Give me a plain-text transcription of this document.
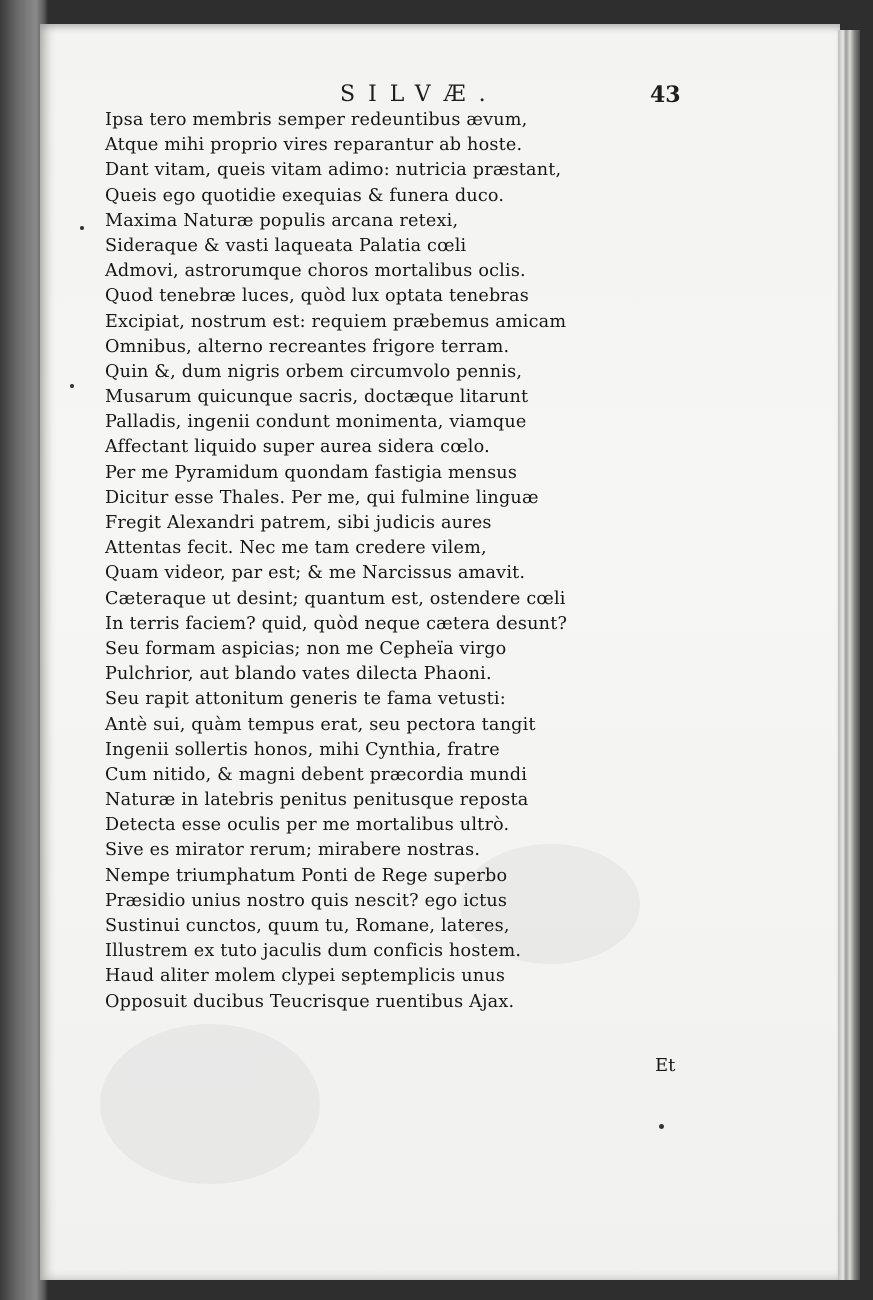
SILVÆ.	43
Ipsa tero membris semper redeuntibus ævum,
Atque mihi proprio vires reparantur ab hoste.
Dant vitam, queis vitam adimo: nutricia præstant,
Queis ego quotidie exequias & funera duco.
Maxima Naturæ populis arcana retexi,
Sideraque & vasti laqueata Palatia cœli
Admovi, astrorumque choros mortalibus oclis.
Quod tenebræ luces, quòd lux optata tenebras
Excipiat, nostrum est: requiem præbemus amicam
Omnibus, alterno recreantes frigore terram.
Quin &, dum nigris orbem circumvolo pennis,
Musarum quicunque sacris, doctæque litarunt
Palladis, ingenii condunt monimenta, viamque
Affectant liquido super aurea sidera cœlo.
Per me Pyramidum quondam fastigia mensus
Dicitur esse Thales. Per me, qui fulmine linguæ
Fregit Alexandri patrem, sibi judicis aures
Attentas fecit. Nec me tam credere vilem,
Quam videor, par est; & me Narcissus amavit.
Cæteraque ut desint; quantum est, ostendere cœli
In terris faciem? quid, quòd neque cætera desunt?
Seu formam aspicias; non me Cepheïa virgo
Pulchrior, aut blando vates dilecta Phaoni.
Seu rapit attonitum generis te fama vetusti:
Antè sui, quàm tempus erat, seu pectora tangit
Ingenii sollertis honos, mihi Cynthia, fratre
Cum nitido, & magni debent præcordia mundi
Naturæ in latebris penitus penitusque reposta
Detecta esse oculis per me mortalibus ultrò.
Sive es mirator rerum; mirabere nostras.
Nempe triumphatum Ponti de Rege superbo
Præsidio unius nostro quis nescit? ego ictus
Sustinui cunctos, quum tu, Romane, lateres,
Illustrem ex tuto jaculis dum conficis hostem.
Haud aliter molem clypei septemplicis unus
Opposuit ducibus Teucrisque ruentibus Ajax.
Et
